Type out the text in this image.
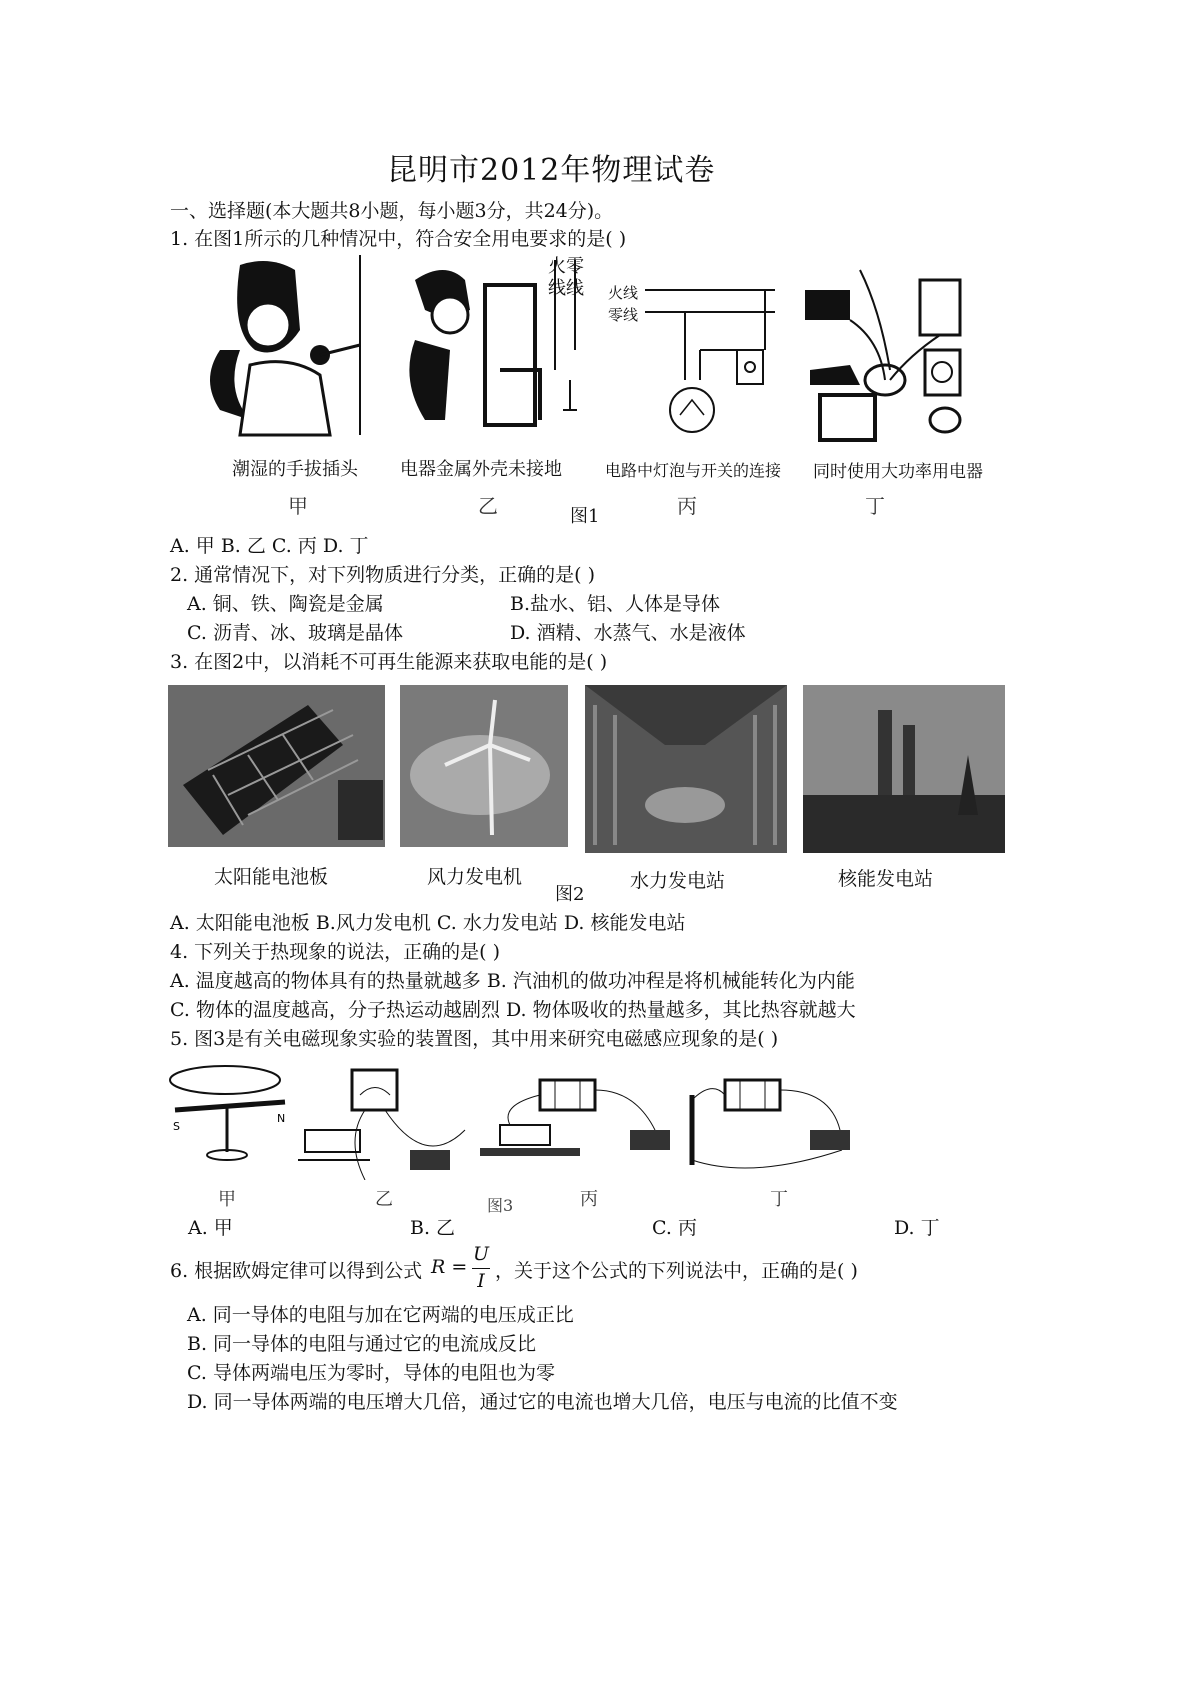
昆明市2012年物理试卷
一、选择题(本大题共8小题，每小题3分，共24分)。
1. 在图1所示的几种情况中，符合安全用电要求的是( )
火零
线线 火线
零线
潮湿的手拔插头 电器金属外壳未接地	电路中灯泡与开关的连接 同时使用大功率用电器
甲	乙	丙	丁
图1
A. 甲 B. 乙 C. 丙 D. 丁
2. 通常情况下，对下列物质进行分类，正确的是( )
A. 铜、铁、陶瓷是金属	B.盐水、铝、人体是导体
C. 沥青、冰、玻璃是晶体	D. 酒精、水蒸气、水是液体
3. 在图2中，以消耗不可再生能源来获取电能的是( )
太阳能电池板	风力发电机	水力发电站	核能发电站
图2
A. 太阳能电池板 B.风力发电机 C. 水力发电站 D. 核能发电站
4. 下列关于热现象的说法，正确的是( )
A. 温度越高的物体具有的热量就越多 B. 汽油机的做功冲程是将机械能转化为内能
C. 物体的温度越高，分子热运动越剧烈 D. 物体吸收的热量越多，其比热容就越大
5. 图3是有关电磁现象实验的装置图，其中用来研究电磁感应现象的是( )
S
N
甲	乙	丙	丁
图3
A. 甲	B. 乙	C. 丙	D. 丁
6. 根据欧姆定律可以得到公式 R =
U
I ，关于这个公式的下列说法中，正确的是( )
A. 同一导体的电阻与加在它两端的电压成正比
B. 同一导体的电阻与通过它的电流成反比
C. 导体两端电压为零时，导体的电阻也为零
D. 同一导体两端的电压增大几倍，通过它的电流也增大几倍，电压与电流的比值不变
